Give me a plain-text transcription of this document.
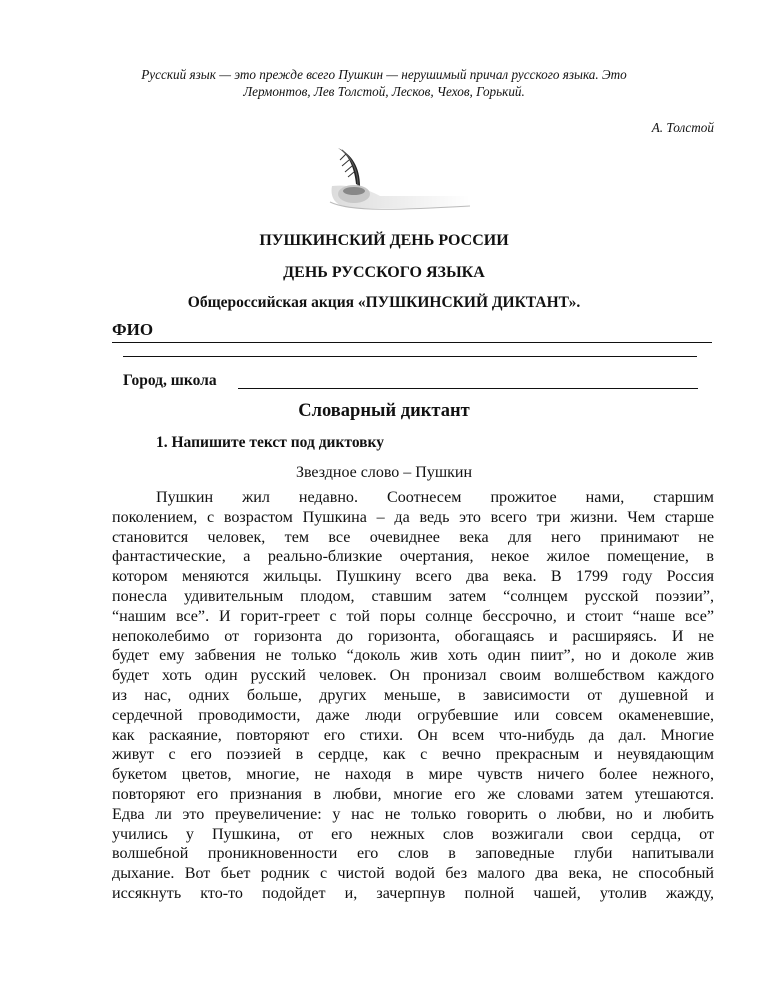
Русский язык — это прежде всего Пушкин — нерушимый причал русского языка. Это
Лермонтов, Лев Толстой, Лесков, Чехов, Горький.
А. Толстой
ПУШКИНСКИЙ ДЕНЬ РОССИИ
ДЕНЬ РУССКОГО ЯЗЫКА
Общероссийская акция «ПУШКИНСКИЙ ДИКТАНТ».
ФИО
Город, школа
Словарный диктант
1. Напишите текст под диктовку
Звездное слово – Пушкин
Пушкин жил недавно. Соотнесем прожитое нами, старшим
поколением, с возрастом Пушкина – да ведь это всего три жизни. Чем старше
становится человек, тем все очевиднее века для него принимают не
фантастические, а реально-близкие очертания, некое жилое помещение, в
котором меняются жильцы. Пушкину всего два века. В 1799 году Россия
понесла удивительным плодом, ставшим затем “солнцем русской поэзии”,
“нашим все”. И горит-греет с той поры солнце бессрочно, и стоит “наше все”
непоколебимо от горизонта до горизонта, обогащаясь и расширяясь. И не
будет ему забвения не только “доколь жив хоть один пиит”, но и доколе жив
будет хоть один русский человек. Он пронизал своим волшебством каждого
из нас, одних больше, других меньше, в зависимости от душевной и
сердечной проводимости, даже люди огрубевшие или совсем окаменевшие,
как раскаяние, повторяют его стихи. Он всем что-нибудь да дал. Многие
живут с его поэзией в сердце, как с вечно прекрасным и неувядающим
букетом цветов, многие, не находя в мире чувств ничего более нежного,
повторяют его признания в любви, многие его же словами затем утешаются.
Едва ли это преувеличение: у нас не только говорить о любви, но и любить
учились у Пушкина, от его нежных слов возжигали свои сердца, от
волшебной проникновенности его слов в заповедные глуби напитывали
дыхание. Вот бьет родник с чистой водой без малого два века, не способный
иссякнуть кто-то подойдет и, зачерпнув полной чашей, утолив жажду,
